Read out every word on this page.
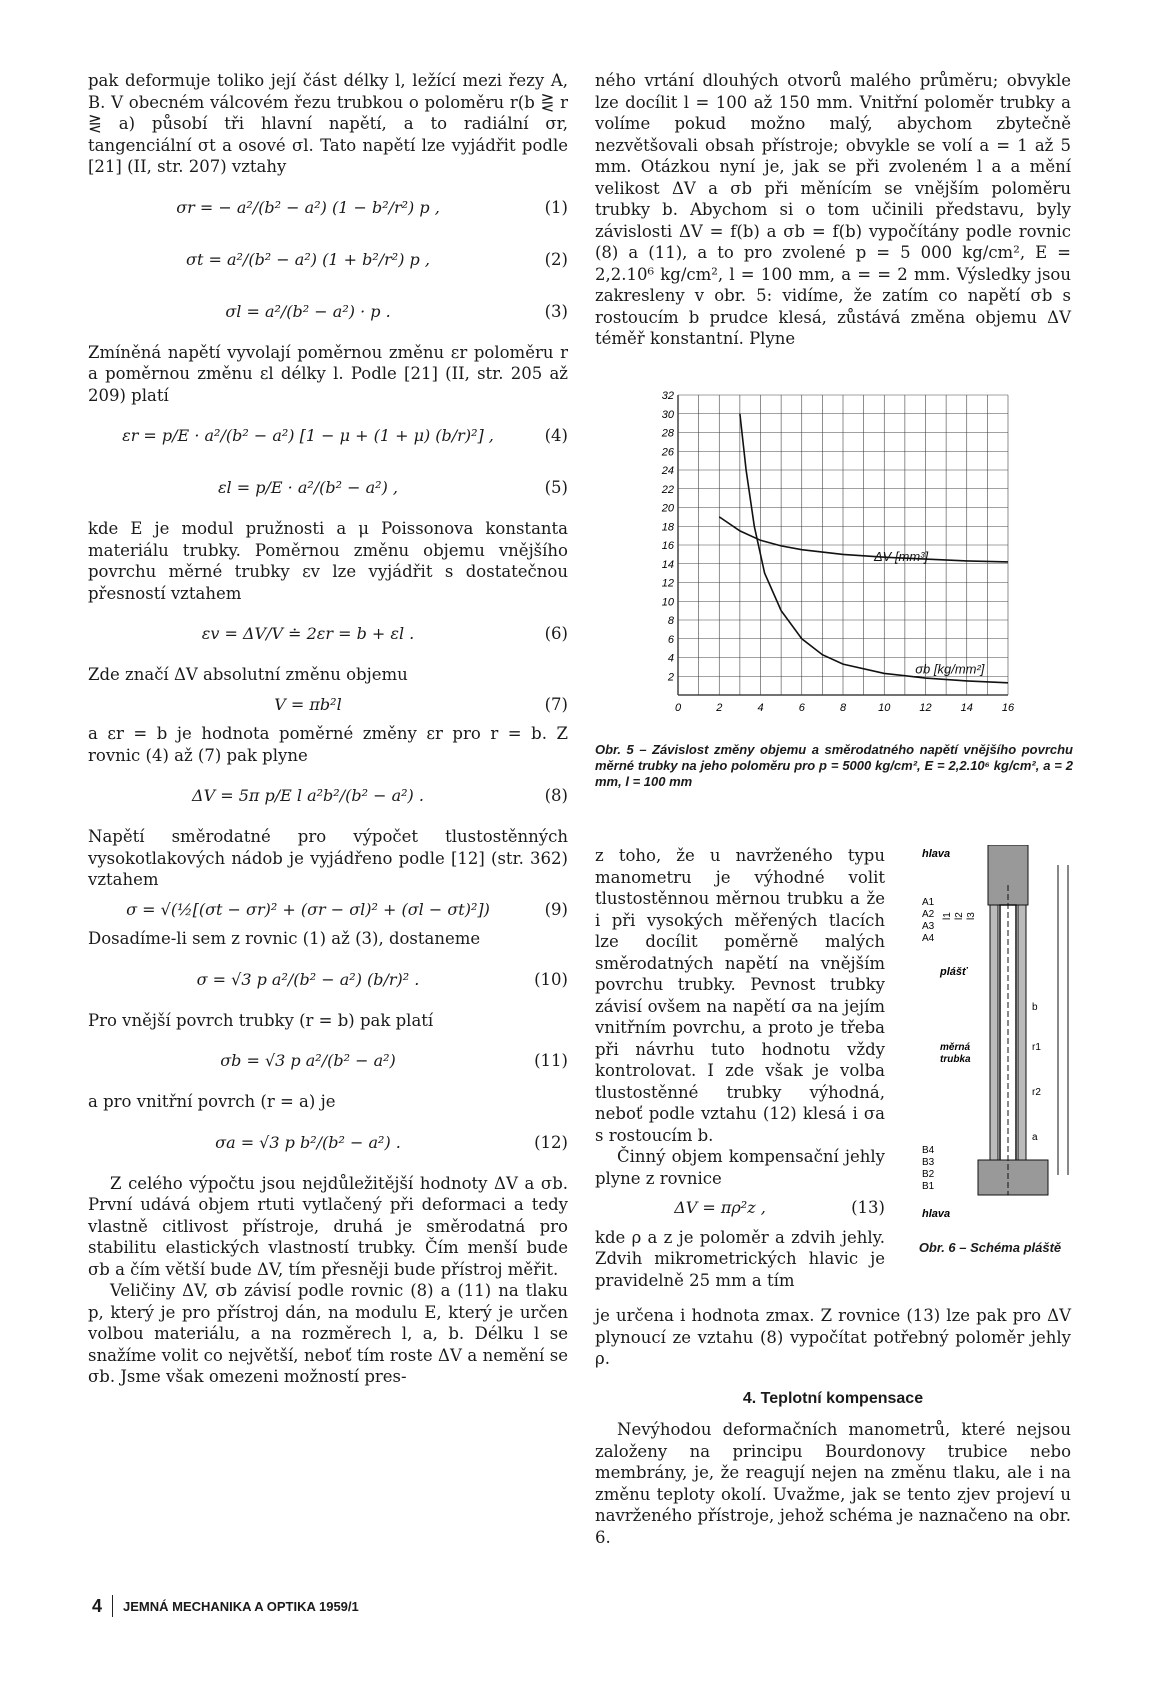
pak deformuje toliko její část délky l, ležící mezi řezy A, B. V obecném válcovém řezu trubkou o poloměru r(b ⋛ r ⋛ a) působí tři hlavní napětí, a to radiální σr, tangenciální σt a osové σl. Tato napětí lze vyjádřit podle [21] (II, str. 207) vztahy

σr = − a²/(b² − a²) (1 − b²/r²) p ,	(1)
σt = a²/(b² − a²) (1 + b²/r²) p ,	(2)
σl = a²/(b² − a²) · p .	(3)

Zmíněná napětí vyvolají poměrnou změnu εr poloměru r a poměrnou změnu εl délky l. Podle [21] (II, str. 205 až 209) platí

εr = p/E · a²/(b² − a²) [1 − μ + (1 + μ) (b/r)²] ,	(4)
εl = p/E · a²/(b² − a²) ,	(5)

kde E je modul pružnosti a μ Poissonova konstanta materiálu trubky. Poměrnou změnu objemu vnějšího povrchu měrné trubky εv lze vyjádřit s dostatečnou přesností vztahem

εv = ΔV/V ≐ 2εr = b + εl .	(6)

Zde značí ΔV absolutní změnu objemu

V = πb²l	(7)

a εr = b je hodnota poměrné změny εr pro r = b. Z rovnic (4) až (7) pak plyne

ΔV = 5π p/E l a²b²/(b² − a²) .	(8)

Napětí směrodatné pro výpočet tlustostěnných vysokotlakových nádob je vyjádřeno podle [12] (str. 362) vztahem

σ = √(½[(σt − σr)² + (σr − σl)² + (σl − σt)²])	(9)

Dosadíme-li sem z rovnic (1) až (3), dostaneme

σ = √3 p a²/(b² − a²) (b/r)² .	(10)

Pro vnější povrch trubky (r = b) pak platí

σb = √3 p a²/(b² − a²)	(11)

a pro vnitřní povrch (r = a) je

σa = √3 p b²/(b² − a²) .	(12)

Z celého výpočtu jsou nejdůležitější hodnoty ΔV a σb. První udává objem rtuti vytlačený při deformaci a tedy vlastně citlivost přístroje, druhá je směrodatná pro stabilitu elastických vlastností trubky. Čím menší bude σb a čím větší bude ΔV, tím přesněji bude přístroj měřit.

Veličiny ΔV, σb závisí podle rovnic (8) a (11) na tlaku p, který je pro přístroj dán, na modulu E, který je určen volbou materiálu, a na rozměrech l, a, b. Délku l se snažíme volit co největší, neboť tím roste ΔV a nemění se σb. Jsme však omezeni možností pres-

ného vrtání dlouhých otvorů malého průměru; obvykle lze docílit l = 100 až 150 mm. Vnitřní poloměr trubky a volíme pokud možno malý, abychom zbytečně nezvětšovali obsah přístroje; obvykle se volí a = 1 až 5 mm. Otázkou nyní je, jak se při zvoleném l a a mění velikost ΔV a σb při měnícím se vnějším poloměru trubky b. Abychom si o tom učinili představu, byly závislosti ΔV = f(b) a σb = f(b) vypočítány podle rovnic (8) a (11), a to pro zvolené p = 5 000 kg/cm², E = 2,2.10⁶ kg/cm², l = 100 mm, a = = 2 mm. Výsledky jsou zakresleny v obr. 5: vidíme, že zatím co napětí σb s rostoucím b prudce klesá, zůstává změna objemu ΔV téměř konstantní. Plyne

2
4
6
8
10
12
14
16
18
20
22
24
26
28
30
32
0	2	4	6	8	10	12	14	16
ΔV [mm³]
σb [kg/mm²]
Obr. 5 – Závislost změny objemu a směrodatného napětí vnějšího povrchu měrné trubky na jeho poloměru pro p = 5000 kg/cm², E = 2,2.10⁶ kg/cm², a = 2 mm, l = 100 mm

z toho, že u navrženého typu manometru je výhodné volit tlustostěnnou měrnou trubku a že i při vysokých měřených tlacích lze docílit poměrně malých směrodatných napětí na vnějším povrchu trubky. Pevnost trubky závisí ovšem na napětí σa na jejím vnitřním povrchu, a proto je třeba při návrhu tuto hodnotu vždy kontrolovat. I zde však je volba tlustostěnné trubky výhodná, neboť podle vztahu (12) klesá i σa s rostoucím b.

Činný objem kompensační jehly plyne z rovnice

ΔV = πρ²z ,	(13)

kde ρ a z je poloměr a zdvih jehly. Zdvih mikrometrických hlavic je pravidelně 25 mm a tím

hlava
A1
A2
A3
A4
l1 l2 l3
plášť
měrná
trubka
b
r1
r2
a
B4
B3
B2
B1
hlava
Obr. 6 – Schéma pláště

je určena i hodnota zmax. Z rovnice (13) lze pak pro ΔV plynoucí ze vztahu (8) vypočítat potřebný poloměr jehly ρ.

4. Teplotní kompensace

Nevýhodou deformačních manometrů, které nejsou založeny na principu Bourdonovy trubice nebo membrány, je, že reagují nejen na změnu tlaku, ale i na změnu teploty okolí. Uvažme, jak se tento zjev projeví u navrženého přístroje, jehož schéma je naznačeno na obr. 6.

4 JEMNÁ MECHANIKA A OPTIKA 1959/1
